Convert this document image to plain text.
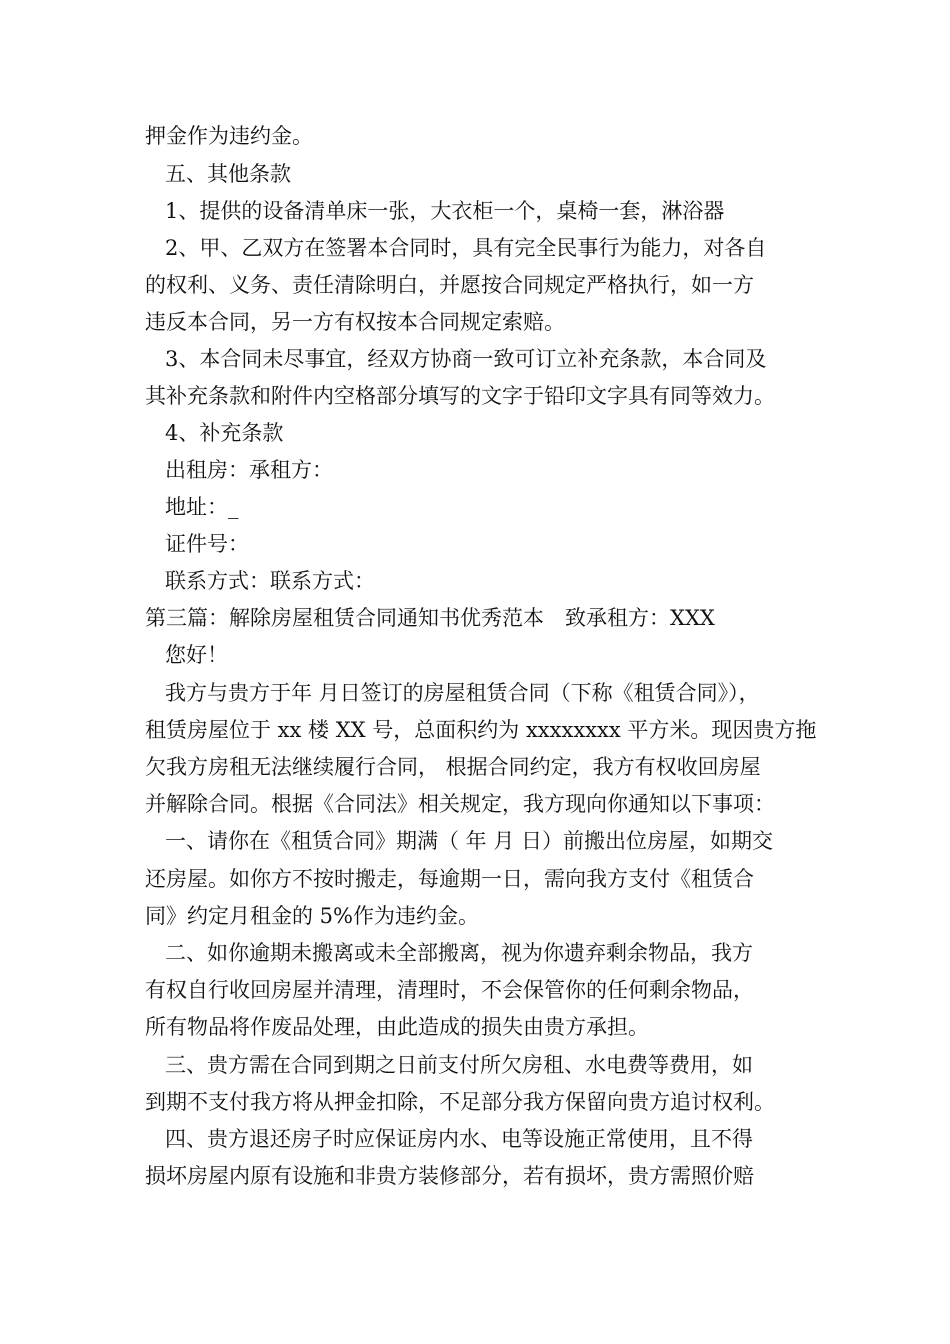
押金作为违约金。
五、其他条款
1、提供的设备清单床一张，大衣柜一个，桌椅一套，淋浴器
2、甲、乙双方在签署本合同时，具有完全民事行为能力，对各自
的权利、义务、责任清除明白，并愿按合同规定严格执行，如一方
违反本合同，另一方有权按本合同规定索赔。
3、本合同未尽事宜，经双方协商一致可订立补充条款，本合同及
其补充条款和附件内空格部分填写的文字于铅印文字具有同等效力。
4、补充条款
出租房：承租方：
地址：_
证件号：
联系方式：联系方式：
第三篇：解除房屋租赁合同通知书优秀范本　致承租方：XXX
您好！
我方与贵方于年 月日签订的房屋租赁合同（下称《租赁合同》），
租赁房屋位于 xx 楼 XX 号，总面积约为 xxxxxxxx 平方米。现因贵方拖
欠我方房租无法继续履行合同， 根据合同约定，我方有权收回房屋
并解除合同。根据《合同法》相关规定，我方现向你通知以下事项：
一、请你在《租赁合同》期满（ 年 月 日）前搬出位房屋，如期交
还房屋。如你方不按时搬走，每逾期一日，需向我方支付《租赁合
同》约定月租金的 5%作为违约金。
二、如你逾期未搬离或未全部搬离，视为你遗弃剩余物品，我方
有权自行收回房屋并清理，清理时，不会保管你的任何剩余物品，
所有物品将作废品处理，由此造成的损失由贵方承担。
三、贵方需在合同到期之日前支付所欠房租、水电费等费用，如
到期不支付我方将从押金扣除，不足部分我方保留向贵方追讨权利。
四、贵方退还房子时应保证房内水、电等设施正常使用，且不得
损坏房屋内原有设施和非贵方装修部分，若有损坏，贵方需照价赔
